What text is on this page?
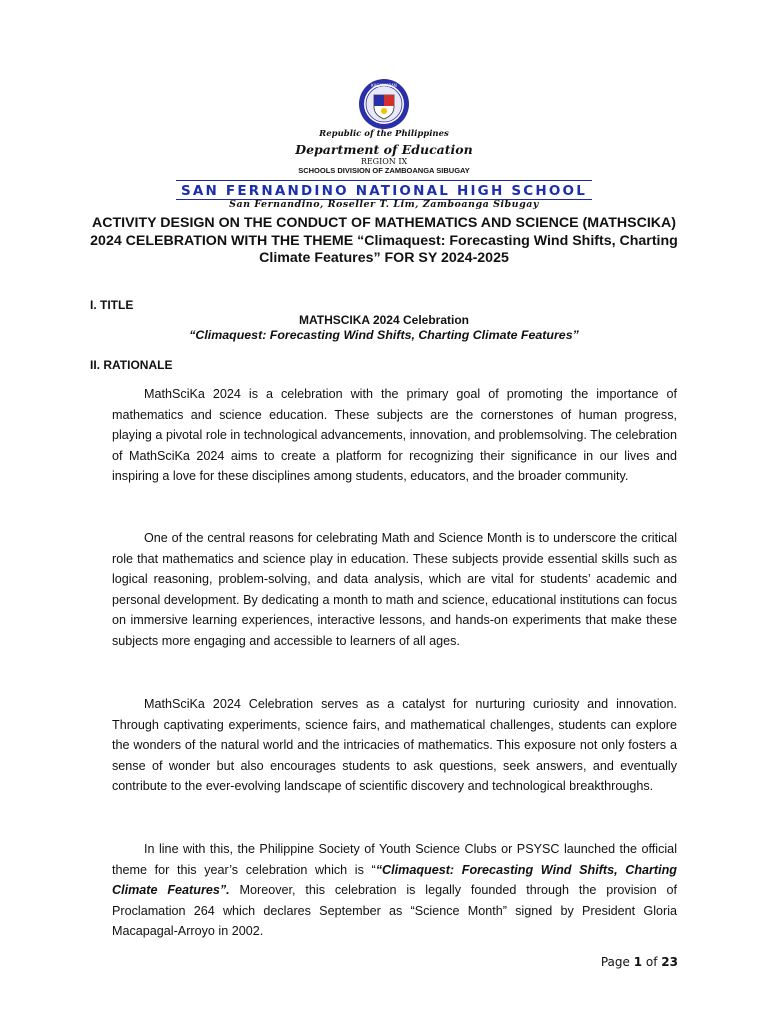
KAGAWARAN
Republic of the Philippines
Department of Education
REGION IX
SCHOOLS DIVISION OF ZAMBOANGA SIBUGAY
SAN FERNANDINO NATIONAL HIGH SCHOOL
San Fernandino, Roseller T. Lim, Zamboanga Sibugay
ACTIVITY DESIGN ON THE CONDUCT OF MATHEMATICS AND SCIENCE (MATHSCIKA) 2024 CELEBRATION WITH THE THEME “Climaquest: Forecasting Wind Shifts, Charting Climate Features” FOR SY 2024-2025
I. TITLE
MATHSCIKA 2024 Celebration
“Climaquest: Forecasting Wind Shifts, Charting Climate Features”
II. RATIONALE

MathSciKa 2024 is a celebration with the primary goal of promoting the importance of mathematics and science education. These subjects are the cornerstones of human progress, playing a pivotal role in technological advancements, innovation, and problemsolving. The celebration of MathSciKa 2024 aims to create a platform for recognizing their significance in our lives and inspiring a love for these disciplines among students, educators, and the broader community.

One of the central reasons for celebrating Math and Science Month is to underscore the critical role that mathematics and science play in education. These subjects provide essential skills such as logical reasoning, problem-solving, and data analysis, which are vital for students’ academic and personal development. By dedicating a month to math and science, educational institutions can focus on immersive learning experiences, interactive lessons, and hands-on experiments that make these subjects more engaging and accessible to learners of all ages.

MathSciKa 2024 Celebration serves as a catalyst for nurturing curiosity and innovation. Through captivating experiments, science fairs, and mathematical challenges, students can explore the wonders of the natural world and the intricacies of mathematics. This exposure not only fosters a sense of wonder but also encourages students to ask questions, seek answers, and eventually contribute to the ever-evolving landscape of scientific discovery and technological breakthroughs.

In line with this, the Philippine Society of Youth Science Clubs or PSYSC launched the official theme for this year’s celebration which is ““Climaquest: Forecasting Wind Shifts, Charting Climate Features”. Moreover, this celebration is legally founded through the provision of Proclamation 264 which declares September as “Science Month” signed by President Gloria Macapagal-Arroyo in 2002.

Page 1 of 23
